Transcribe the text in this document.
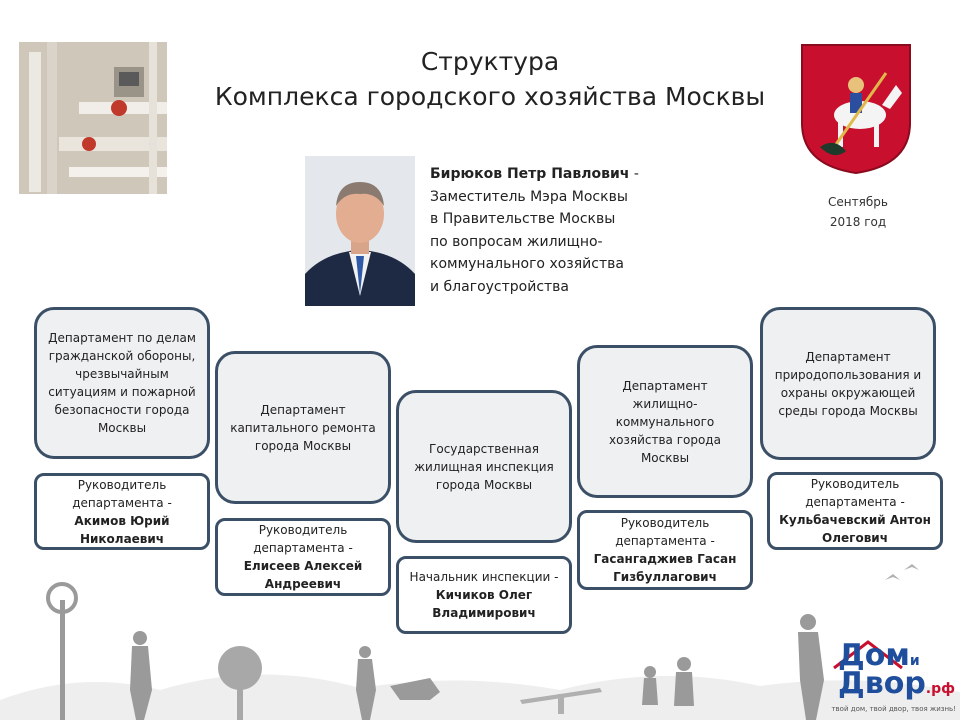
Структура
Комплекса городского хозяйства Москвы
Сентябрь
2018 год
Бирюков Петр Павлович -
Заместитель Мэра Москвы
в Правительстве Москвы
по вопросам жилищно-
коммунального хозяйства
и благоустройства
Департамент по делам гражданской обороны, чрезвычайным ситуациям и пожарной безопасности города Москвы
Руководитель департамента -
Акимов Юрий Николаевич
Департамент капитального ремонта города Москвы
Руководитель департамента -
Елисеев Алексей Андреевич
Государственная жилищная инспекция города Москвы
Начальник инспекции -
Кичиков Олег Владимирович
Департамент жилищно-коммунального хозяйства города Москвы
Руководитель департамента -
Гасангаджиев Гасан Гизбуллагович
Департамент природопользования и охраны окружающей среды города Москвы
Руководитель департамента -
Кульбачевский Антон Олегович
Доми
Двор.рф
твой дом, твой двор, твоя жизнь!
